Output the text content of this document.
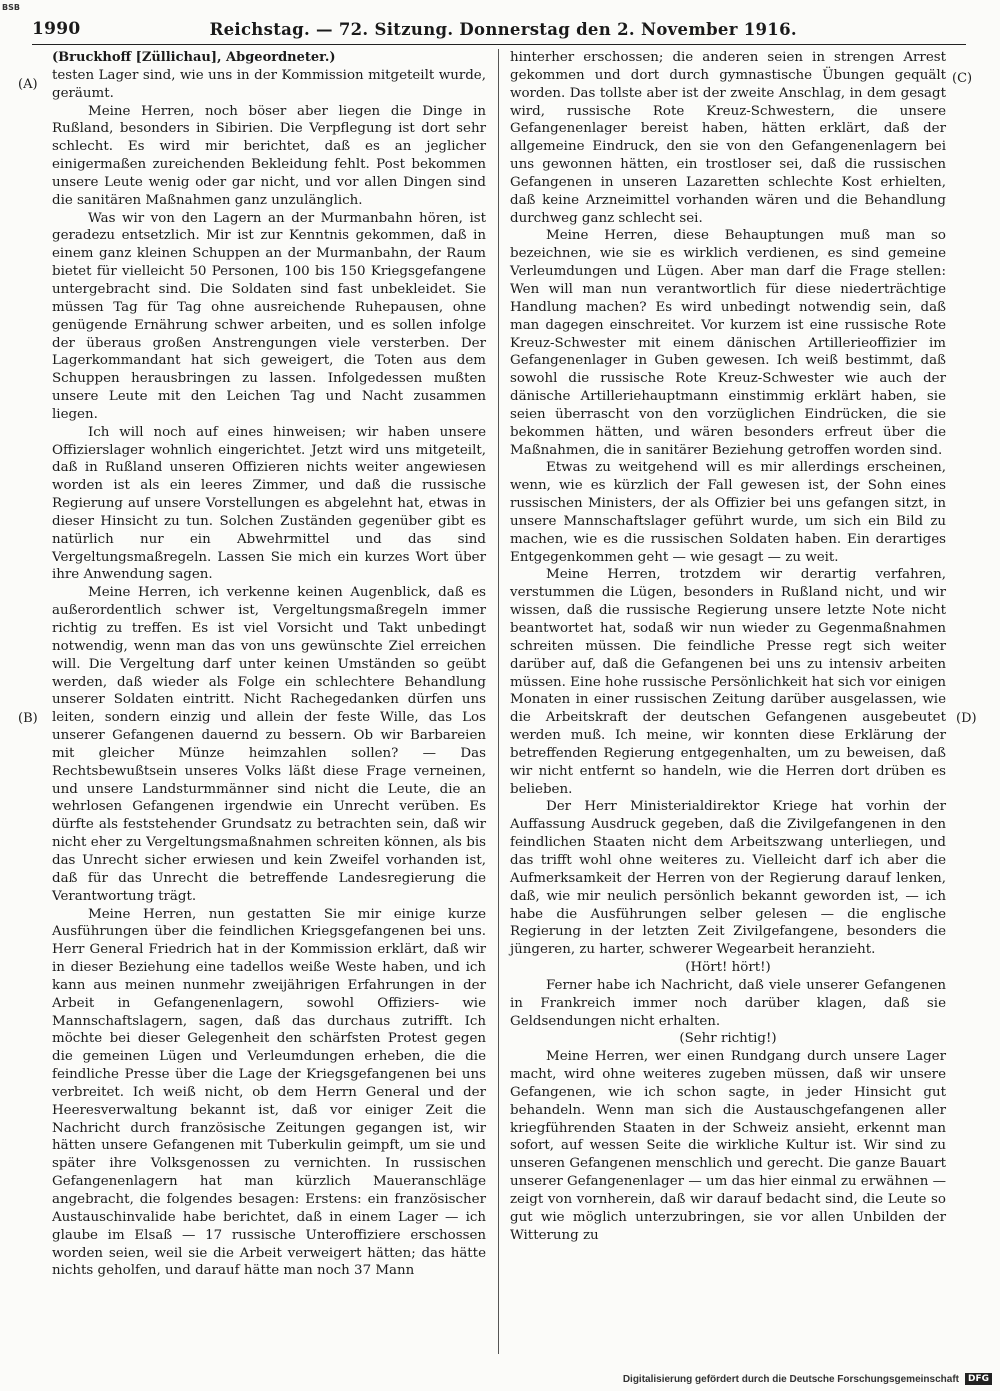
BSB
1990	Reichstag. — 72. Sitzung. Donnerstag den 2. November 1916.
(A)
(B)
(C)
(D)

(Bruckhoff [Züllichau], Abgeordneter.)

testen Lager sind, wie uns in der Kommission mitgeteilt wurde, geräumt.

Meine Herren, noch böser aber liegen die Dinge in Rußland, besonders in Sibirien. Die Verpflegung ist dort sehr schlecht. Es wird mir berichtet, daß es an jeglicher einigermaßen zureichenden Bekleidung fehlt. Post bekommen unsere Leute wenig oder gar nicht, und vor allen Dingen sind die sanitären Maßnahmen ganz unzulänglich.

Was wir von den Lagern an der Murmanbahn hören, ist geradezu entsetzlich. Mir ist zur Kenntnis gekommen, daß in einem ganz kleinen Schuppen an der Murmanbahn, der Raum bietet für vielleicht 50 Personen, 100 bis 150 Kriegsgefangene untergebracht sind. Die Soldaten sind fast unbekleidet. Sie müssen Tag für Tag ohne ausreichende Ruhepausen, ohne genügende Ernährung schwer arbeiten, und es sollen infolge der überaus großen Anstrengungen viele versterben. Der Lagerkommandant hat sich geweigert, die Toten aus dem Schuppen herausbringen zu lassen. Infolgedessen mußten unsere Leute mit den Leichen Tag und Nacht zusammen liegen.

Ich will noch auf eines hinweisen; wir haben unsere Offizierslager wohnlich eingerichtet. Jetzt wird uns mitgeteilt, daß in Rußland unseren Offizieren nichts weiter angewiesen worden ist als ein leeres Zimmer, und daß die russische Regierung auf unsere Vorstellungen es abgelehnt hat, etwas in dieser Hinsicht zu tun. Solchen Zuständen gegenüber gibt es natürlich nur ein Abwehrmittel und das sind Vergeltungsmaßregeln. Lassen Sie mich ein kurzes Wort über ihre Anwendung sagen.

Meine Herren, ich verkenne keinen Augenblick, daß es außerordentlich schwer ist, Vergeltungsmaßregeln immer richtig zu treffen. Es ist viel Vorsicht und Takt unbedingt notwendig, wenn man das von uns gewünschte Ziel erreichen will. Die Vergeltung darf unter keinen Umständen so geübt werden, daß wieder als Folge ein schlechtere Behandlung unserer Soldaten eintritt. Nicht Rachegedanken dürfen uns leiten, sondern einzig und allein der feste Wille, das Los unserer Gefangenen dauernd zu bessern. Ob wir Barbareien mit gleicher Münze heimzahlen sollen? — Das Rechtsbewußtsein unseres Volks läßt diese Frage verneinen, und unsere Landsturmmänner sind nicht die Leute, die an wehrlosen Gefangenen irgendwie ein Unrecht verüben. Es dürfte als feststehender Grundsatz zu betrachten sein, daß wir nicht eher zu Vergeltungsmaßnahmen schreiten können, als bis das Unrecht sicher erwiesen und kein Zweifel vorhanden ist, daß für das Unrecht die betreffende Landesregierung die Verantwortung trägt.

Meine Herren, nun gestatten Sie mir einige kurze Ausführungen über die feindlichen Kriegsgefangenen bei uns. Herr General Friedrich hat in der Kommission erklärt, daß wir in dieser Beziehung eine tadellos weiße Weste haben, und ich kann aus meinen nunmehr zweijährigen Erfahrungen in der Arbeit in Gefangenenlagern, sowohl Offiziers- wie Mannschaftslagern, sagen, daß das durchaus zutrifft. Ich möchte bei dieser Gelegenheit den schärfsten Protest gegen die gemeinen Lügen und Verleumdungen erheben, die die feindliche Presse über die Lage der Kriegsgefangenen bei uns verbreitet. Ich weiß nicht, ob dem Herrn General und der Heeresverwaltung bekannt ist, daß vor einiger Zeit die Nachricht durch französische Zeitungen gegangen ist, wir hätten unsere Gefangenen mit Tuberkulin geimpft, um sie und später ihre Volksgenossen zu vernichten. In russischen Gefangenenlagern hat man kürzlich Maueranschläge angebracht, die folgendes besagen: Erstens: ein französischer Austauschinvalide habe berichtet, daß in einem Lager — ich glaube im Elsaß — 17 russische Unteroffiziere erschossen worden seien, weil sie die Arbeit verweigert hätten; das hätte nichts geholfen, und darauf hätte man noch 37 Mann

hinterher erschossen; die anderen seien in strengen Arrest gekommen und dort durch gymnastische Übungen gequält worden. Das tollste aber ist der zweite Anschlag, in dem gesagt wird, russische Rote Kreuz-Schwestern, die unsere Gefangenenlager bereist haben, hätten erklärt, daß der allgemeine Eindruck, den sie von den Gefangenenlagern bei uns gewonnen hätten, ein trostloser sei, daß die russischen Gefangenen in unseren Lazaretten schlechte Kost erhielten, daß keine Arzneimittel vorhanden wären und die Behandlung durchweg ganz schlecht sei.

Meine Herren, diese Behauptungen muß man so bezeichnen, wie sie es wirklich verdienen, es sind gemeine Verleumdungen und Lügen. Aber man darf die Frage stellen: Wen will man nun verantwortlich für diese niederträchtige Handlung machen? Es wird unbedingt notwendig sein, daß man dagegen einschreitet. Vor kurzem ist eine russische Rote Kreuz-Schwester mit einem dänischen Artillerieoffizier im Gefangenenlager in Guben gewesen. Ich weiß bestimmt, daß sowohl die russische Rote Kreuz-Schwester wie auch der dänische Artilleriehauptmann einstimmig erklärt haben, sie seien überrascht von den vorzüglichen Eindrücken, die sie bekommen hätten, und wären besonders erfreut über die Maßnahmen, die in sanitärer Beziehung getroffen worden sind.

Etwas zu weitgehend will es mir allerdings erscheinen, wenn, wie es kürzlich der Fall gewesen ist, der Sohn eines russischen Ministers, der als Offizier bei uns gefangen sitzt, in unsere Mannschaftslager geführt wurde, um sich ein Bild zu machen, wie es die russischen Soldaten haben. Ein derartiges Entgegenkommen geht — wie gesagt — zu weit.

Meine Herren, trotzdem wir derartig verfahren, verstummen die Lügen, besonders in Rußland nicht, und wir wissen, daß die russische Regierung unsere letzte Note nicht beantwortet hat, sodaß wir nun wieder zu Gegenmaßnahmen schreiten müssen. Die feindliche Presse regt sich weiter darüber auf, daß die Gefangenen bei uns zu intensiv arbeiten müssen. Eine hohe russische Persönlichkeit hat sich vor einigen Monaten in einer russischen Zeitung darüber ausgelassen, wie die Arbeitskraft der deutschen Gefangenen ausgebeutet werden muß. Ich meine, wir konnten diese Erklärung der betreffenden Regierung entgegenhalten, um zu beweisen, daß wir nicht entfernt so handeln, wie die Herren dort drüben es belieben.

Der Herr Ministerialdirektor Kriege hat vorhin der Auffassung Ausdruck gegeben, daß die Zivilgefangenen in den feindlichen Staaten nicht dem Arbeitszwang unterliegen, und das trifft wohl ohne weiteres zu. Vielleicht darf ich aber die Aufmerksamkeit der Herren von der Regierung darauf lenken, daß, wie mir neulich persönlich bekannt geworden ist, — ich habe die Ausführungen selber gelesen — die englische Regierung in der letzten Zeit Zivilgefangene, besonders die jüngeren, zu harter, schwerer Wegearbeit heranzieht.

(Hört! hört!)

Ferner habe ich Nachricht, daß viele unserer Gefangenen in Frankreich immer noch darüber klagen, daß sie Geldsendungen nicht erhalten.

(Sehr richtig!)

Meine Herren, wer einen Rundgang durch unsere Lager macht, wird ohne weiteres zugeben müssen, daß wir unsere Gefangenen, wie ich schon sagte, in jeder Hinsicht gut behandeln. Wenn man sich die Austauschgefangenen aller kriegführenden Staaten in der Schweiz ansieht, erkennt man sofort, auf wessen Seite die wirkliche Kultur ist. Wir sind zu unseren Gefangenen menschlich und gerecht. Die ganze Bauart unserer Gefangenenlager — um das hier einmal zu erwähnen — zeigt von vornherein, daß wir darauf bedacht sind, die Leute so gut wie möglich unterzubringen, sie vor allen Unbilden der Witterung zu

Digitalisierung gefördert durch die Deutsche Forschungsgemeinschaft	DFG
